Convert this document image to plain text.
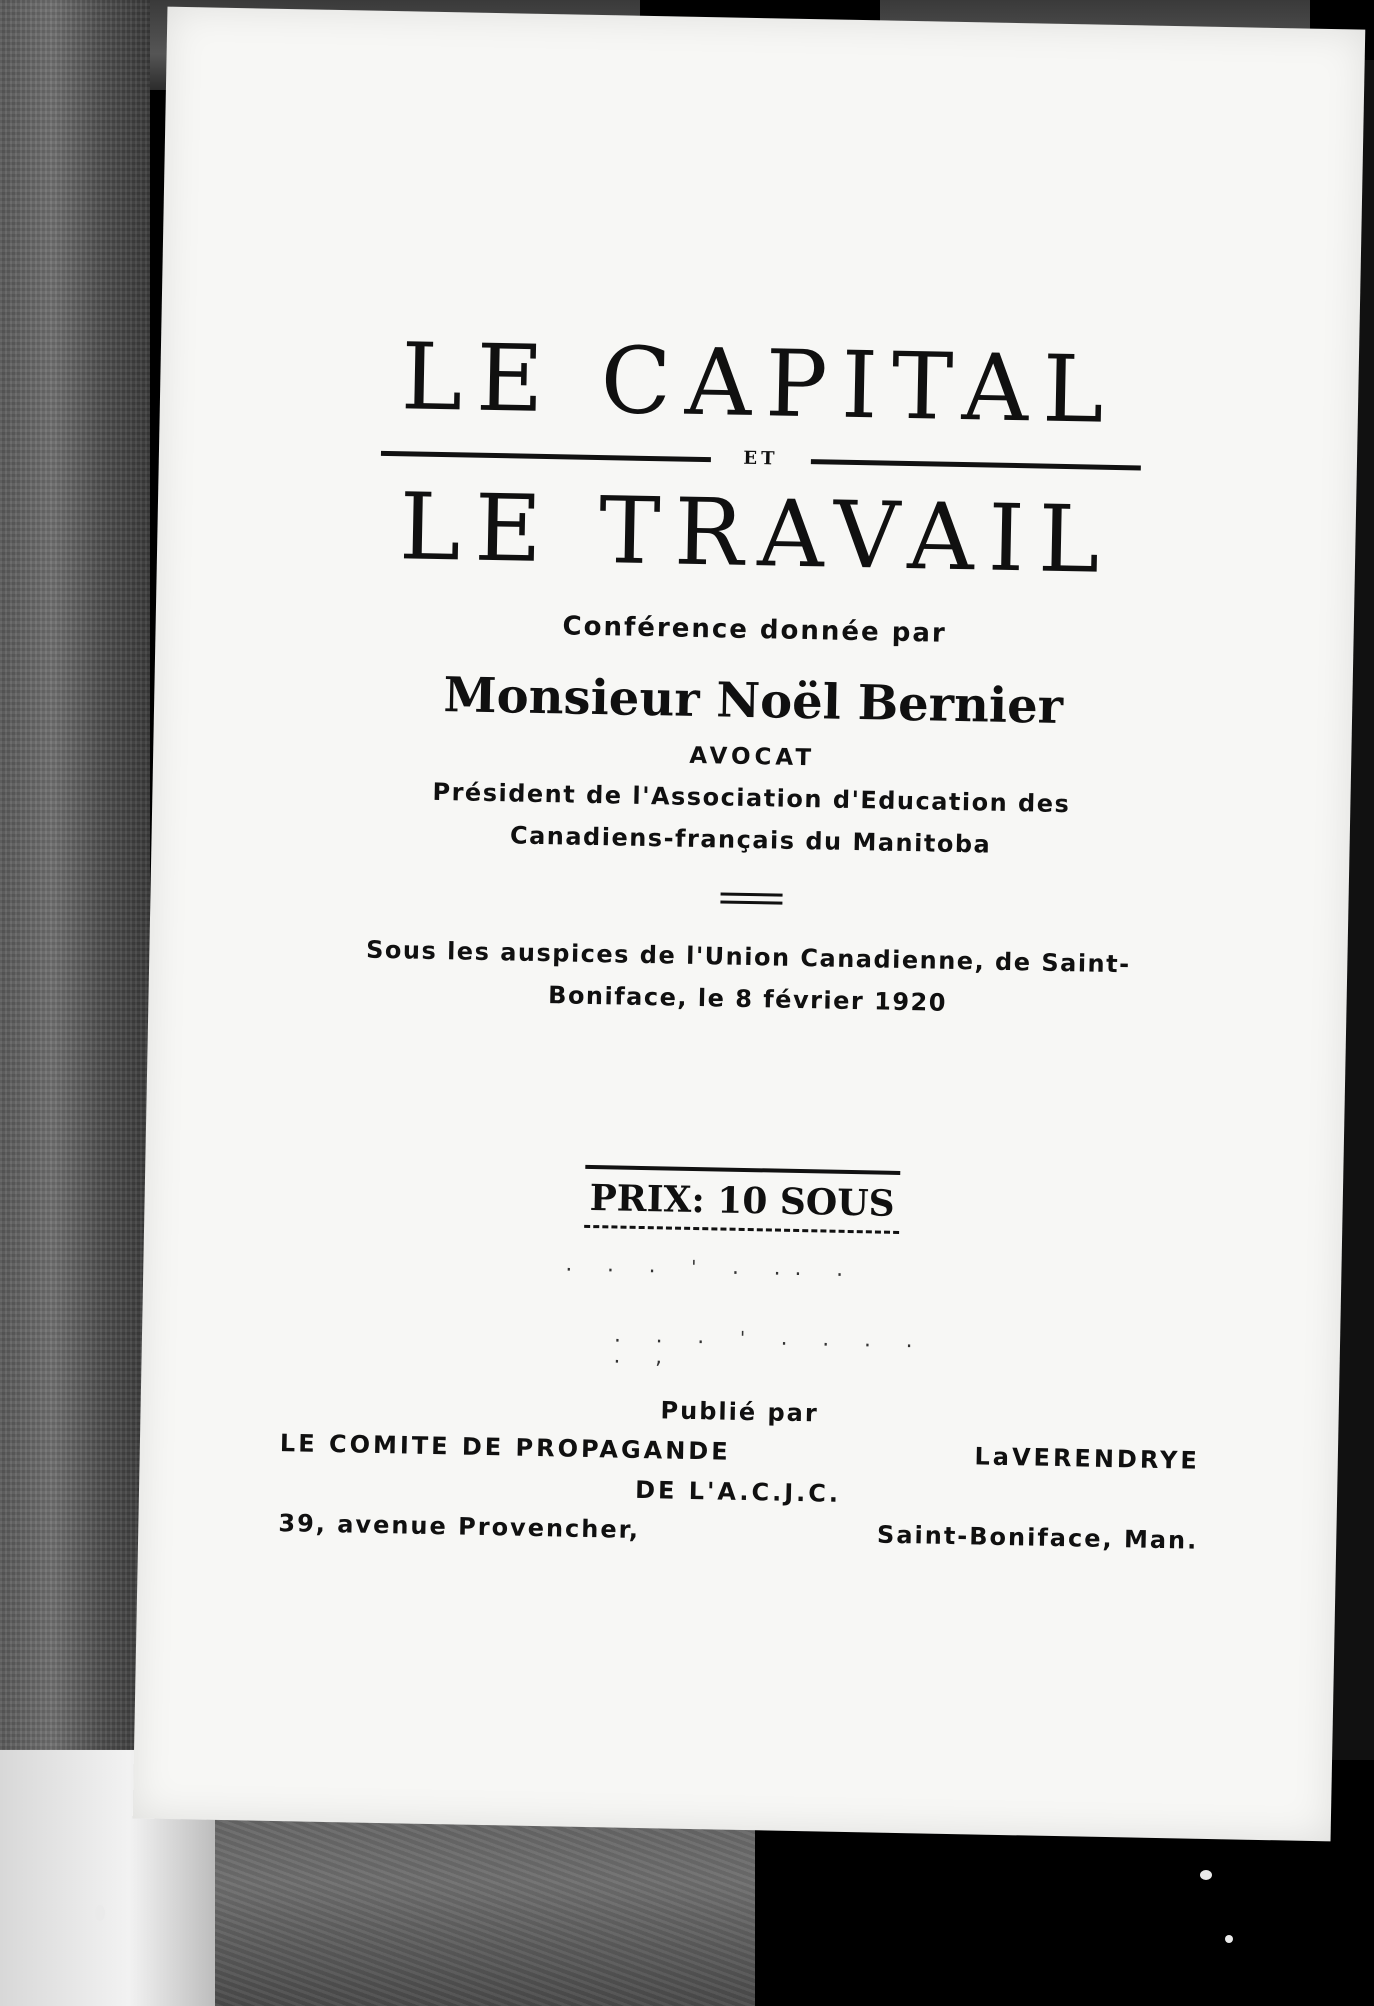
LE CAPITAL
ET
LE TRAVAIL
Conférence donnée par
Monsieur Noël Bernier
AVOCAT
Président de l'Association d'Education des
Canadiens-français du Manitoba
Sous les auspices de l'Union Canadienne, de Saint-
Boniface, le 8 février 1920
PRIX: 10 SOUS
. . . ' . .. .
. . . ' . . . . . ,
Publié par
LE COMITE DE PROPAGANDE	LaVERENDRYE
DE L'A.C.J.C.
39, avenue Provencher,	Saint-Boniface, Man.
